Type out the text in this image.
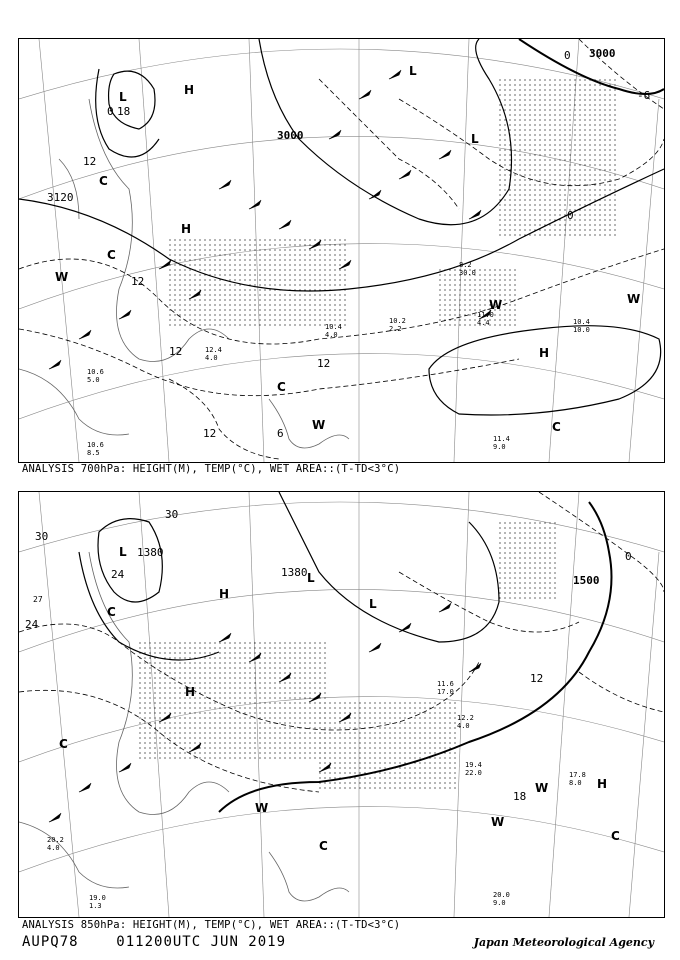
3000
3000
3120
12
12
12
12
12
18
6
0
-6
0
0
L
L
L
H
H
H
W
W	W
W
C
C
C
C
11.4 9.0
10.4 10.0
10.2 2.2
10.4 4.0
10.6 5.0
10.6 8.5
12.4 4.0
11.0 4.4
8.2 30.0
ANALYSIS 700hPa: HEIGHT(M), TEMP(°C), WET AREA::(T-TD<3°C)
1380
1380
1500
30
30
24
24
27
18
12
0
L
L
L
H
H
H
W
W
W
C
C
C
C
20.0 9.0
19.4 22.0	17.8 8.0
19.0 1.3
20.2 4.0
12.2 4.0
11.6 17.0
ANALYSIS 850hPa: HEIGHT(M), TEMP(°C), WET AREA::(T-TD<3°C)
AUPQ78	011200UTC JUN 2019	Japan Meteorological Agency
